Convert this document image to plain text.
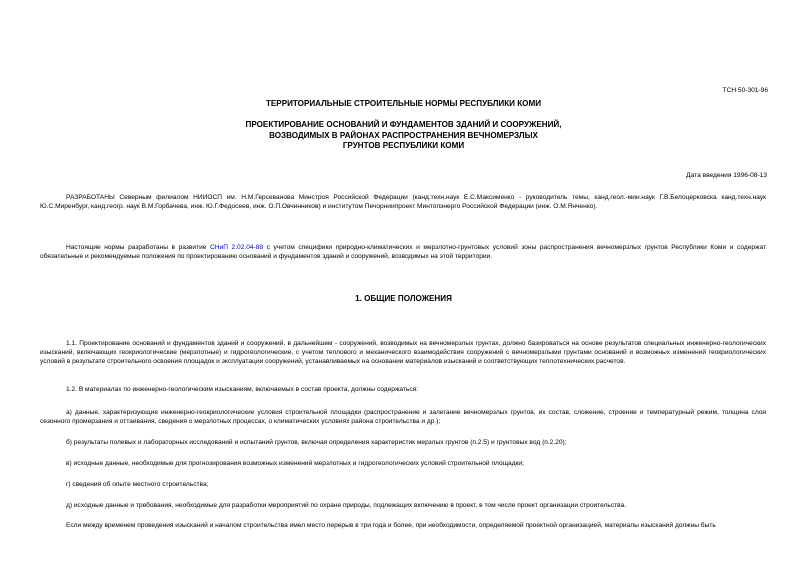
ТСН 50-301-96
ТЕРРИТОРИАЛЬНЫЕ СТРОИТЕЛЬНЫЕ НОРМЫ РЕСПУБЛИКИ КОМИ
ПРОЕКТИРОВАНИЕ ОСНОВАНИЙ И ФУНДАМЕНТОВ ЗДАНИЙ И СООРУЖЕНИЙ,
ВОЗВОДИМЫХ В РАЙОНАХ РАСПРОСТРАНЕНИЯ ВЕЧНОМЕРЗЛЫХ
ГРУНТОВ РЕСПУБЛИКИ КОМИ
Дата введения 1996-08-13
РАЗРАБОТАНЫ Северным филиалом НИИОСП им. Н.М.Герсеванова Минстроя Российской Федерации (канд.техн.наук Е.С.Максименко - руководитель темы, канд.геол.-мин.наук Г.В.Белоцерковска канд.техн.наук Ю.С.Миренбург, канд.геогр. наук В.М.Горбачева, инж. Ю.Г.Федосеев, инж. О.П.Овчинников) и институтом Печорниипроект Минтопэнерго Российской Федерации (инж. О.М.Янченко).
Настоящие нормы разработаны в развитие СНиП 2.02.04-88 с учетом специфики природно-климатических и мерзлотно-грунтовых условий зоны распространения вечномерзлых грунтов Республики Коми и содержат обязательные и рекомендуемые положения по проектированию оснований и фундаментов зданий и сооружений, возводимых на этой территории.
1. ОБЩИЕ ПОЛОЖЕНИЯ
1.1. Проектирование оснований и фундаментов зданий и сооружений, в дальнейшем - сооружений, возводимых на вечномерзлых грунтах, должно базироваться на основе результатов специальных инженерно-геологических изысканий, включающих геокриологические (мерзлотные) и гидрогеологические, с учетом теплового и механического взаимодействия сооружений с вечномерзлыми грунтами оснований и возможных изменений геокриологических условий в результате строительного освоения площадок и эксплуатации сооружений, устанавливаемых на основании материалов изысканий и соответствующих теплотехнических расчетов.
1.2. В материалах по инженерно-геологическим изысканиям, включаемых в состав проекта, должны содержаться:
а) данные, характеризующие инженерно-геокриологические условия строительной площадки (распространение и залегание вечномерзлых грунтов, их состав, сложение, строение и температурный режим, толщина слоя сезонного промерзания и оттаивания, сведения о мерзлотных процессах, о климатических условиях района строительства и др.);
б) результаты полевых и лабораторных исследований и испытаний грунтов, включая определения характеристик мерзлых грунтов (п.2.5) и грунтовых вод (п.2.20);
в) исходные данные, необходимые для прогнозирования возможных изменений мерзлотных и гидрогеологических условий строительной площадки;
г) сведения об опыте местного строительства;
д) исходные данные и требования, необходимые для разработки мероприятий по охране природы, подлежащих включению в проект, в том числе проект организации строительства.
Если между временем проведения изысканий и началом строительства имел место перерыв в три года и более, при необходимости, определяемой проектной организацией, материалы изысканий должны быть
